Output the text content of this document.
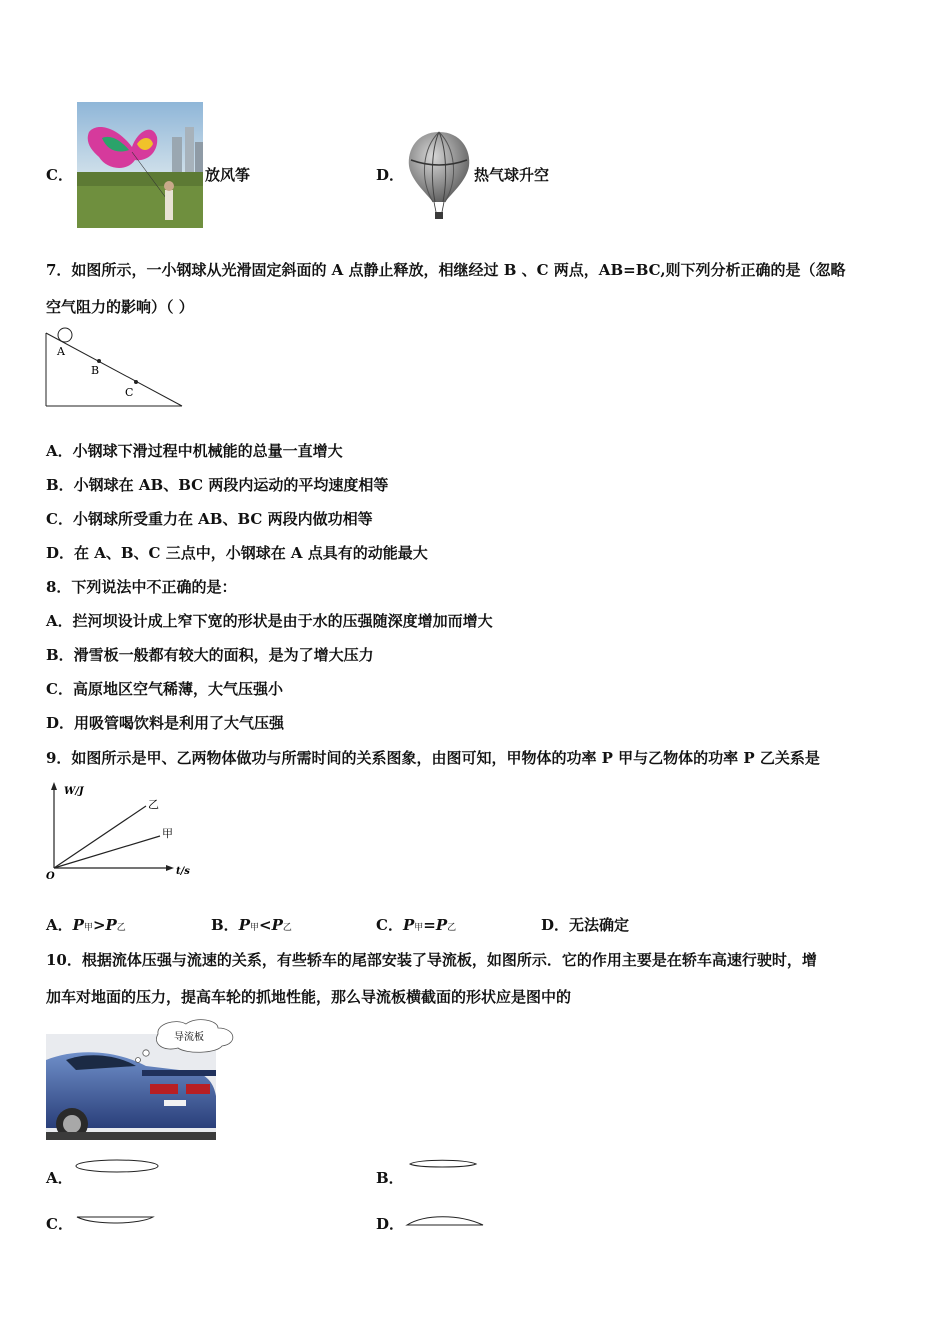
C．	放风筝	D．	热气球升空
7．如图所示，一小钢球从光滑固定斜面的 A 点静止释放，相继经过 B 、C 两点，AB=BC,则下列分析正确的是（忽略
空气阻力的影响）（ ）
A
B
C
A．小钢球下滑过程中机械能的总量一直增大
B．小钢球在 AB、BC 两段内运动的平均速度相等
C．小钢球所受重力在 AB、BC 两段内做功相等
D．在 A、B、C 三点中，小钢球在 A 点具有的动能最大
8．下列说法中不正确的是：
A．拦河坝设计成上窄下宽的形状是由于水的压强随深度增加而增大
B．滑雪板一般都有较大的面积，是为了增大压力
C．高原地区空气稀薄，大气压强小
D．用吸管喝饮料是利用了大气压强
9．如图所示是甲、乙两物体做功与所需时间的关系图象，由图可知，甲物体的功率 P 甲与乙物体的功率 P 乙关系是
W/J
t/s
O
乙
甲
A．P甲>P乙	B．P甲<P乙	C．P甲=P乙	D．无法确定
10．根据流体压强与流速的关系，有些轿车的尾部安装了导流板，如图所示．它的作用主要是在轿车高速行驶时，增
加车对地面的压力，提高车轮的抓地性能，那么导流板横截面的形状应是图中的
导流板
A．	B．
C．	D．
